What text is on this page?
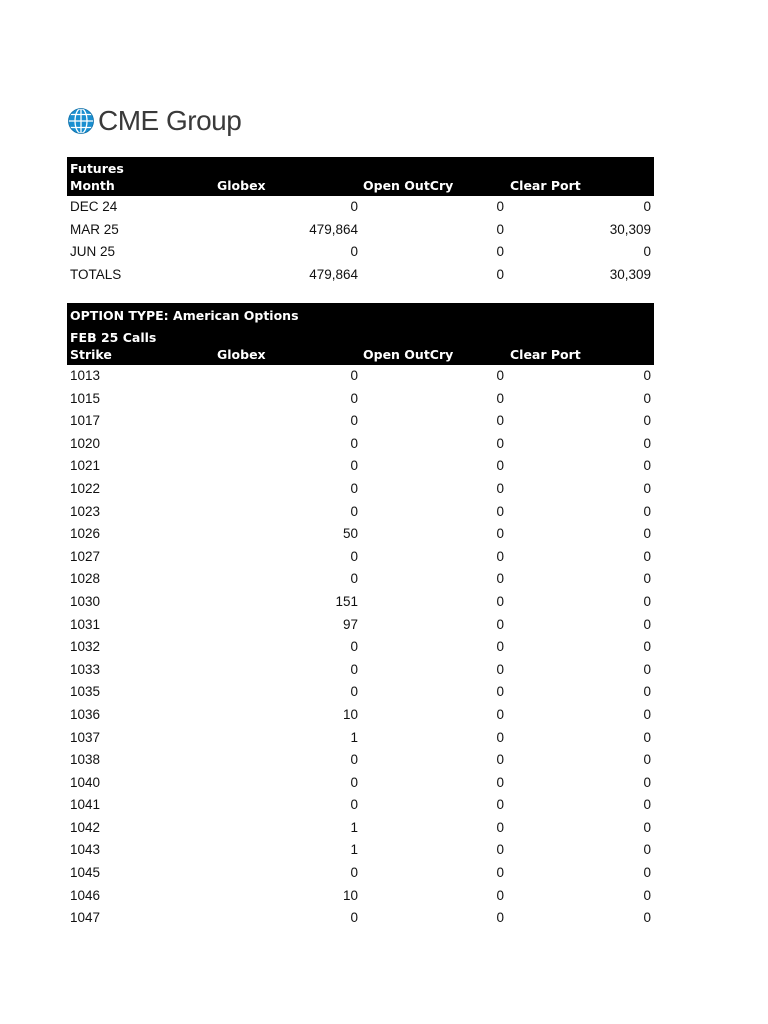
CME Group
Futures
Month	Globex	Open OutCry	Clear Port
DEC 24	0	0	0
MAR 25	479,864	0	30,309
JUN 25	0	0	0
TOTALS	479,864	0	30,309
OPTION TYPE: American Options
FEB 25 Calls
Strike	Globex	Open OutCry	Clear Port
1013	0	0	0
1015	0	0	0
1017	0	0	0
1020	0	0	0
1021	0	0	0
1022	0	0	0
1023	0	0	0
1026	50	0	0
1027	0	0	0
1028	0	0	0
1030	151	0	0
1031	97	0	0
1032	0	0	0
1033	0	0	0
1035	0	0	0
1036	10	0	0
1037	1	0	0
1038	0	0	0
1040	0	0	0
1041	0	0	0
1042	1	0	0
1043	1	0	0
1045	0	0	0
1046	10	0	0
1047	0	0	0
